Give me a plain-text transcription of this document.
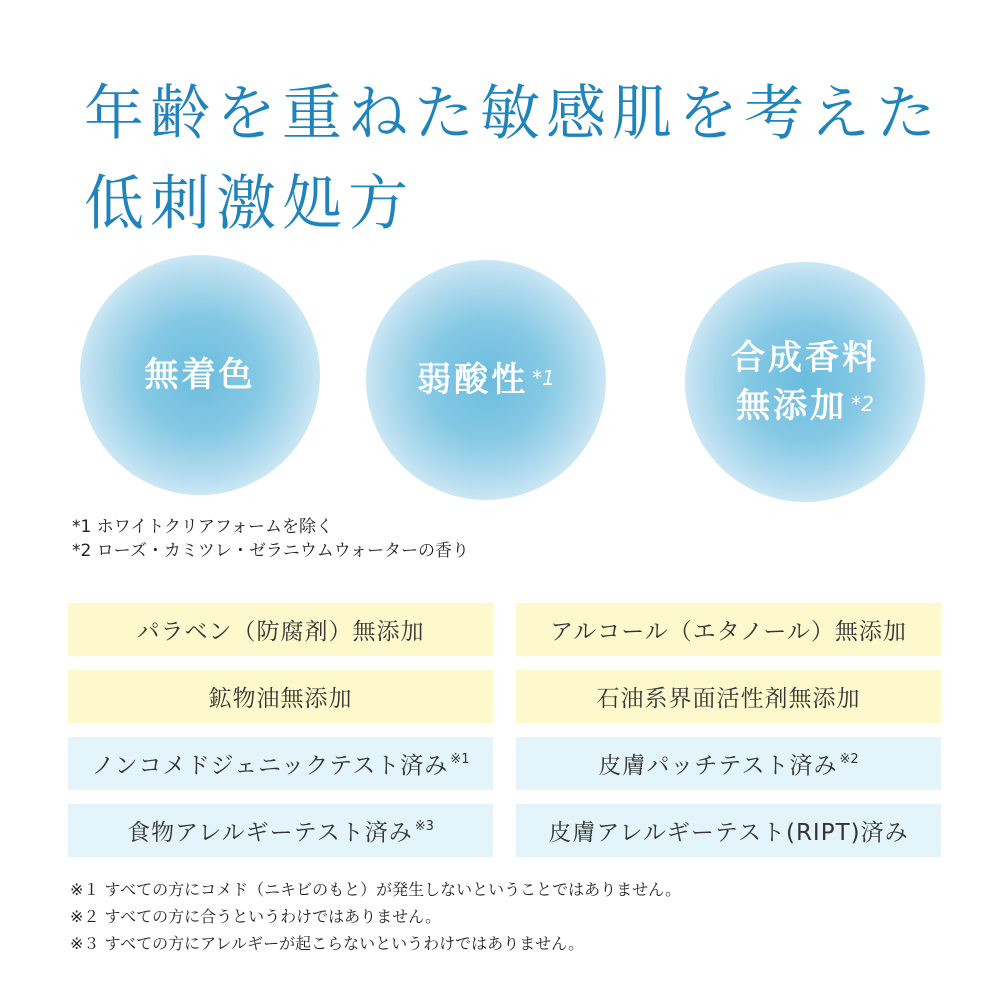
年齢を重ねた敏感肌を考えた
低刺激処方
無着色	弱酸性 $^{*1}$	合成香料
無添加 $^{*2}$
*1 ホワイトクリアフォームを除く
*2 ローズ・カミツレ・ゼラニウムウォーターの香り
パラベン（防腐剤）無添加	アルコール（エタノール）無添加
鉱物油無添加	石油系界面活性剤無添加
ノンコメドジェニックテスト済み ※1	皮膚パッチテスト済み ※2
食物アレルギーテスト済み ※3	皮膚アレルギーテスト(RIPT)済み
※１ すべての方にコメド（ニキビのもと）が発生しないということではありません。
※２ すべての方に合うというわけではありません。
※３ すべての方にアレルギーが起こらないというわけではありません。
